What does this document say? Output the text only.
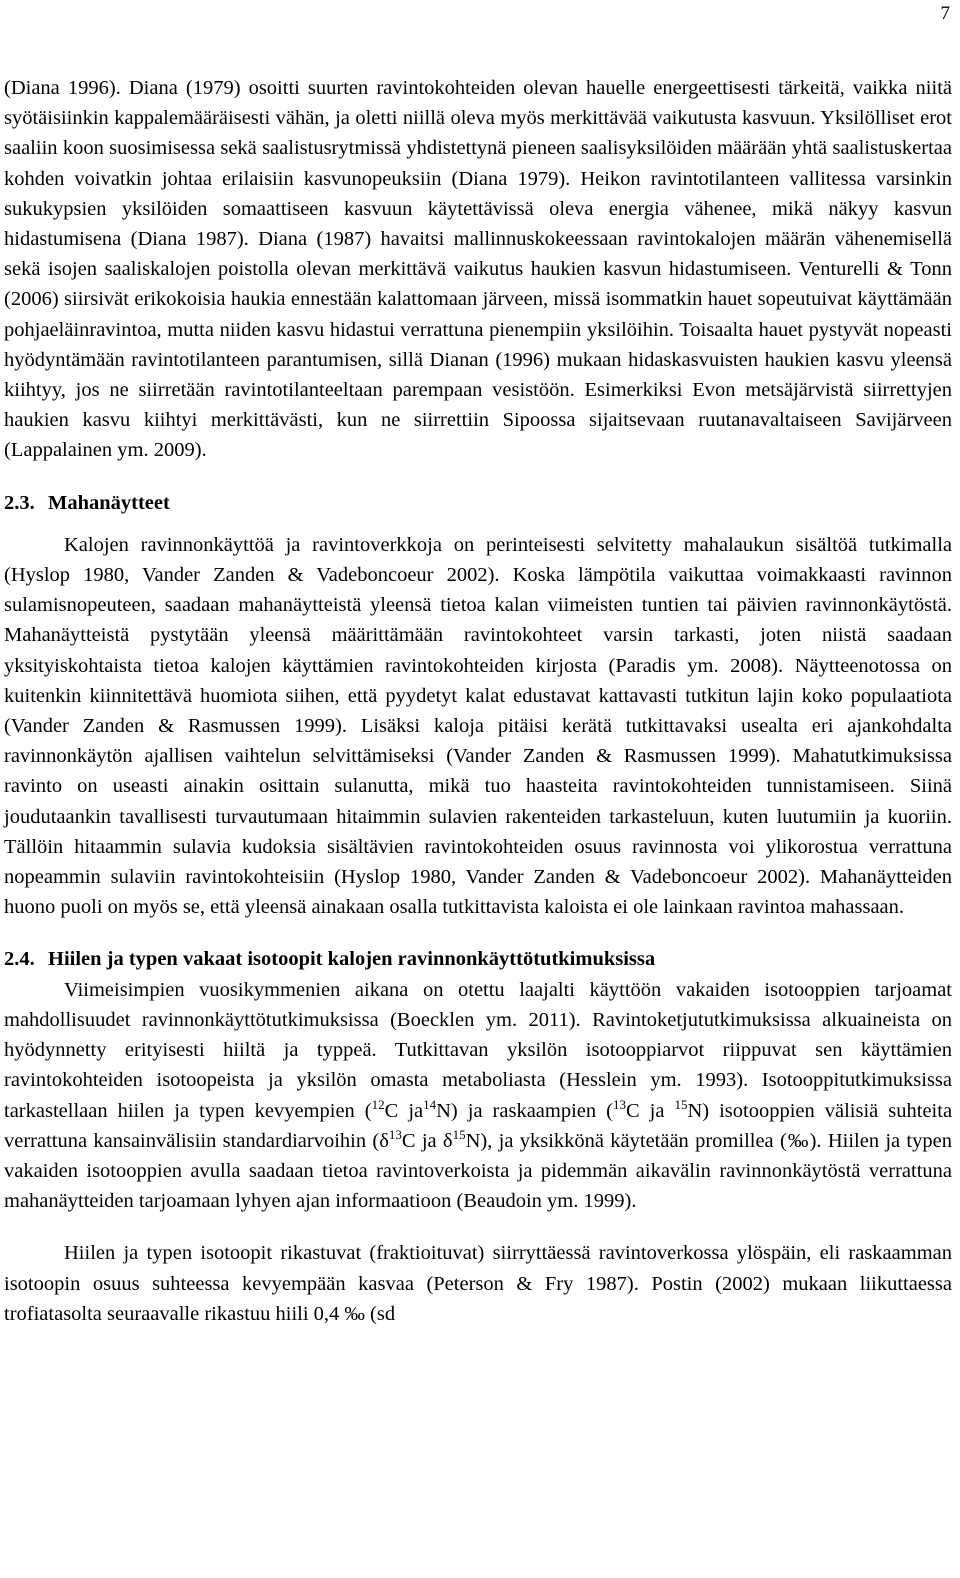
7

(Diana 1996). Diana (1979) osoitti suurten ravintokohteiden olevan hauelle energeettisesti tärkeitä, vaikka niitä syötäisiinkin kappalemääräisesti vähän, ja oletti niillä oleva myös merkittävää vaikutusta kasvuun. Yksilölliset erot saaliin koon suosimisessa sekä saalistusrytmissä yhdistettynä pieneen saalisyksilöiden määrään yhtä saalistuskertaa kohden voivatkin johtaa erilaisiin kasvunopeuksiin (Diana 1979). Heikon ravintotilanteen vallitessa varsinkin sukukypsien yksilöiden somaattiseen kasvuun käytettävissä oleva energia vähenee, mikä näkyy kasvun hidastumisena (Diana 1987). Diana (1987) havaitsi mallinnuskokeessaan ravintokalojen määrän vähenemisellä sekä isojen saaliskalojen poistolla olevan merkittävä vaikutus haukien kasvun hidastumiseen. Venturelli & Tonn (2006) siirsivät erikokoisia haukia ennestään kalattomaan järveen, missä isommatkin hauet sopeutuivat käyttämään pohjaeläinravintoa, mutta niiden kasvu hidastui verrattuna pienempiin yksilöihin. Toisaalta hauet pystyvät nopeasti hyödyntämään ravintotilanteen parantumisen, sillä Dianan (1996) mukaan hidaskasvuisten haukien kasvu yleensä kiihtyy, jos ne siirretään ravintotilanteeltaan parempaan vesistöön. Esimerkiksi Evon metsäjärvistä siirrettyjen haukien kasvu kiihtyi merkittävästi, kun ne siirrettiin Sipoossa sijaitsevaan ruutanavaltaiseen Savijärveen (Lappalainen ym. 2009).

2.3. Mahanäytteet

Kalojen ravinnonkäyttöä ja ravintoverkkoja on perinteisesti selvitetty mahalaukun sisältöä tutkimalla (Hyslop 1980, Vander Zanden & Vadeboncoeur 2002). Koska lämpötila vaikuttaa voimakkaasti ravinnon sulamisnopeuteen, saadaan mahanäytteistä yleensä tietoa kalan viimeisten tuntien tai päivien ravinnonkäytöstä. Mahanäytteistä pystytään yleensä määrittämään ravintokohteet varsin tarkasti, joten niistä saadaan yksityiskohtaista tietoa kalojen käyttämien ravintokohteiden kirjosta (Paradis ym. 2008). Näytteenotossa on kuitenkin kiinnitettävä huomiota siihen, että pyydetyt kalat edustavat kattavasti tutkitun lajin koko populaatiota (Vander Zanden & Rasmussen 1999). Lisäksi kaloja pitäisi kerätä tutkittavaksi usealta eri ajankohdalta ravinnonkäytön ajallisen vaihtelun selvittämiseksi (Vander Zanden & Rasmussen 1999). Mahatutkimuksissa ravinto on useasti ainakin osittain sulanutta, mikä tuo haasteita ravintokohteiden tunnistamiseen. Siinä joudutaankin tavallisesti turvautumaan hitaimmin sulavien rakenteiden tarkasteluun, kuten luutumiin ja kuoriin. Tällöin hitaammin sulavia kudoksia sisältävien ravintokohteiden osuus ravinnosta voi ylikorostua verrattuna nopeammin sulaviin ravintokohteisiin (Hyslop 1980, Vander Zanden & Vadeboncoeur 2002). Mahanäytteiden huono puoli on myös se, että yleensä ainakaan osalla tutkittavista kaloista ei ole lainkaan ravintoa mahassaan.

2.4. Hiilen ja typen vakaat isotoopit kalojen ravinnonkäyttötutkimuksissa

Viimeisimpien vuosikymmenien aikana on otettu laajalti käyttöön vakaiden isotooppien tarjoamat mahdollisuudet ravinnonkäyttötutkimuksissa (Boecklen ym. 2011). Ravintoketjututkimuksissa alkuaineista on hyödynnetty erityisesti hiiltä ja typpeä. Tutkittavan yksilön isotooppiarvot riippuvat sen käyttämien ravintokohteiden isotoopeista ja yksilön omasta metaboliasta (Hesslein ym. 1993). Isotooppitutkimuksissa tarkastellaan hiilen ja typen kevyempien ($^{12}$C $ja^{14}N$) ja raskaampien ($^{13}$C ja $^{15}$N) isotooppien välisiä suhteita verrattuna kansainvälisiin standardiarvoihin ($\delta^{13}C$ ja $\delta^{15}N$), ja yksikkönä käytetään promillea (‰). Hiilen ja typen vakaiden isotooppien avulla saadaan tietoa ravintoverkoista ja pidemmän aikavälin ravinnonkäytöstä verrattuna mahanäytteiden tarjoamaan lyhyen ajan informaatioon (Beaudoin ym. 1999).

Hiilen ja typen isotoopit rikastuvat (fraktioituvat) siirryttäessä ravintoverkossa ylöspäin, eli raskaamman isotoopin osuus suhteessa kevyempään kasvaa (Peterson & Fry 1987). Postin (2002) mukaan liikuttaessa trofiatasolta seuraavalle rikastuu hiili 0,4 ‰ (sd
